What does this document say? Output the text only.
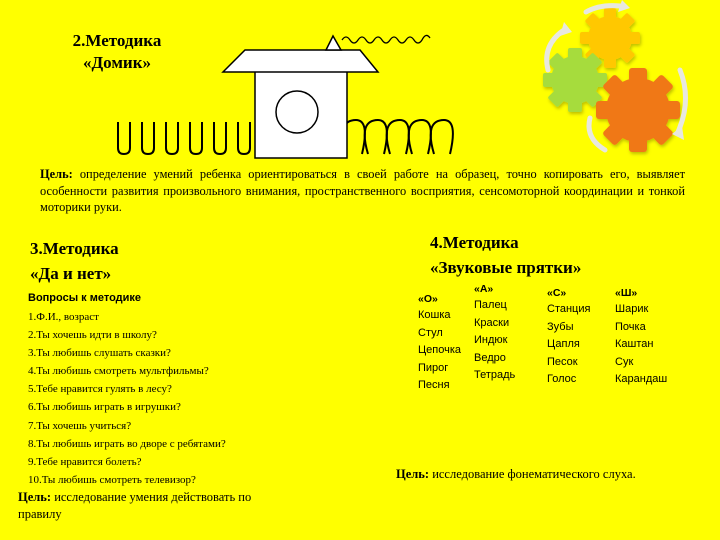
2.Методика
«Домик»
Цель: определение умений ребенка ориентироваться в своей работе на образец, точно копировать его, выявляет особенности развития произвольного внимания, пространственного восприятия, сенсомоторной координации и тонкой моторики руки.
3.Методика
«Да и нет»

Вопросы к методике

1.Ф.И., возраст

2.Ты хочешь идти в школу?

3.Ты любишь слушать сказки?

4.Ты любишь смотреть мультфильмы?

5.Тебе нравится гулять в лесу?

6.Ты любишь играть в игрушки?

7.Ты хочешь учиться?

8.Ты любишь играть во дворе с ребятами?

9.Тебе нравится болеть?

10.Ты любишь смотреть телевизор?

Цель: исследование умения действовать по правилу
4.Методика
«Звуковые прятки»
«О»
Кошка
Стул
Цепочка
Пирог
Песня
«А»
Палец
Краски
Индюк
Ведро
Тетрадь
«С»
Станция
Зубы
Цапля
Песок
Голос
«Ш»
Шарик
Почка
Каштан
Сук
Карандаш
Цель: исследование фонематического слуха.
